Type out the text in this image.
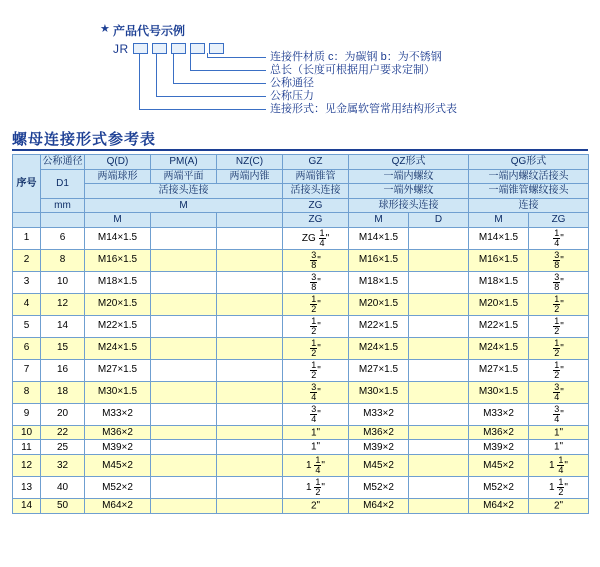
★ 产品代号示例
JR
连接件材质 c：为碳钢 b：为不锈钢
总长（长度可根据用户要求定制）
公称通径
公称压力
连接形式：见金属软管常用结构形式表
螺母连接形式参考表
序号	公称通径	Q(D)	PM(A)	NZ(C)	GZ	QZ形式		QG形式	
	D1	两端球形	两端平面	两端内锥	两端锥管	一端内螺纹		一端内螺纹活接头	
		活接头连接			活接头连接	一端外螺纹		一端锥管螺纹接头	
	mm	M			ZG	球形接头连接		连接	
		M			ZG	M	D	M	ZG
1	6	M14×1.5			ZG $\frac{1}{4}$ "	M14×1.5		M14×1.5	$\frac{1}{4}$ "
2	8	M16×1.5			$\frac{3}{8}$ "	M16×1.5		M16×1.5	$\frac{3}{8}$ "
3	10	M18×1.5			$\frac{3}{8}$ "	M18×1.5		M18×1.5	$\frac{3}{8}$ "
4	12	M20×1.5			$\frac{1}{2}$ "	M20×1.5		M20×1.5	$\frac{1}{2}$ "
5	14	M22×1.5			$\frac{1}{2}$ "	M22×1.5		M22×1.5	$\frac{1}{2}$ "
6	15	M24×1.5			$\frac{1}{2}$ "	M24×1.5		M24×1.5	$\frac{1}{2}$ "
7	16	M27×1.5			$\frac{1}{2}$ "	M27×1.5		M27×1.5	$\frac{1}{2}$ "
8	18	M30×1.5			$\frac{3}{4}$ "	M30×1.5		M30×1.5	$\frac{3}{4}$ "
9	20	M33×2			$\frac{3}{4}$ "	M33×2		M33×2	$\frac{3}{4}$ "
10	22	M36×2			1"	M36×2		M36×2	1"
11	25	M39×2			1"	M39×2		M39×2	1"
12	32	M45×2			$1 \frac{1}{4}$ "	M45×2		M45×2	$1 \frac{1}{4}$ "
13	40	M52×2			$1 \frac{1}{2}$ "	M52×2		M52×2	$1 \frac{1}{2}$ "
14	50	M64×2			2"	M64×2		M64×2	2"
